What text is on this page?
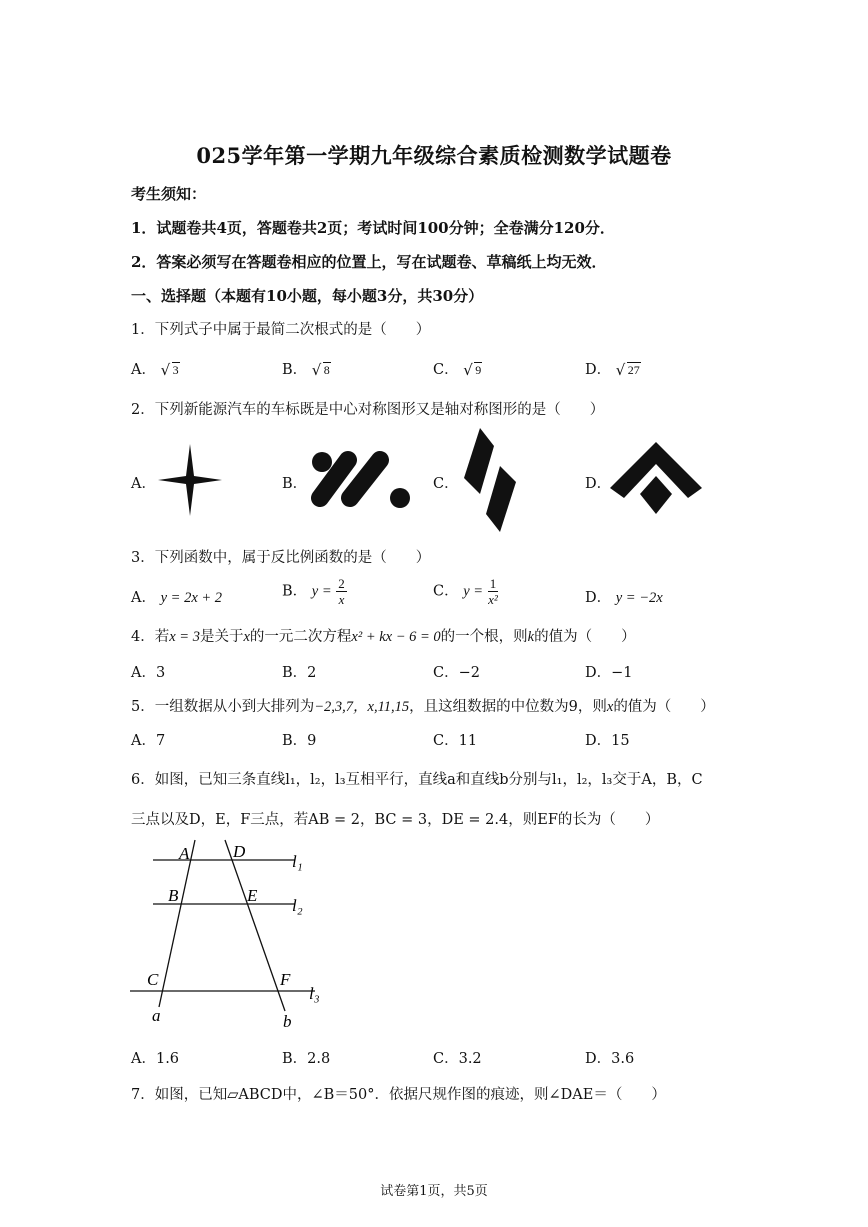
025学年第一学期九年级综合素质检测数学试题卷
考生须知：
1．试题卷共4页，答题卷共2页；考试时间100分钟；全卷满分120分．
2．答案必须写在答题卷相应的位置上，写在试题卷、草稿纸上均无效．
一、选择题（本题有10小题，每小题3分，共30分）
1．下列式子中属于最简二次根式的是（　　）
A． √ 3	B． √ 8	C． √ 9	D． √ 27
2．下列新能源汽车的车标既是中心对称图形又是轴对称图形的是（　　）
A．	B．	C．	D．
3．下列函数中，属于反比例函数的是（　　）
A． y = 2x + 2	B． $y = \frac{2}{x}$	C． $y = \frac{1}{\text{x²}}$	D． y = −2x
4．若x = 3是关于x的一元二次方程x² + kx − 6 = 0的一个根，则k的值为（　　）
A．3	B．2	C．−2	D．−1
5．一组数据从小到大排列为−2,3,7，x,11,15，且这组数据的中位数为9，则x的值为（　　）
A．7	B．9	C．11	D．15
6．如图，已知三条直线l₁，l₂，l₃互相平行，直线a和直线b分别与l₁，l₂，l₃交于A，B，C
三点以及D，E，F三点，若AB = 2，BC = 3，DE = 2.4，则EF的长为（　　）
A	D
l₁
B	E
l₂
C	F
l₃
a	b
A．1.6	B．2.8	C．3.2	D．3.6
7．如图，已知▱ABCD中，∠B＝50°．依据尺规作图的痕迹，则∠DAE＝（　　）
试卷第1页，共5页
